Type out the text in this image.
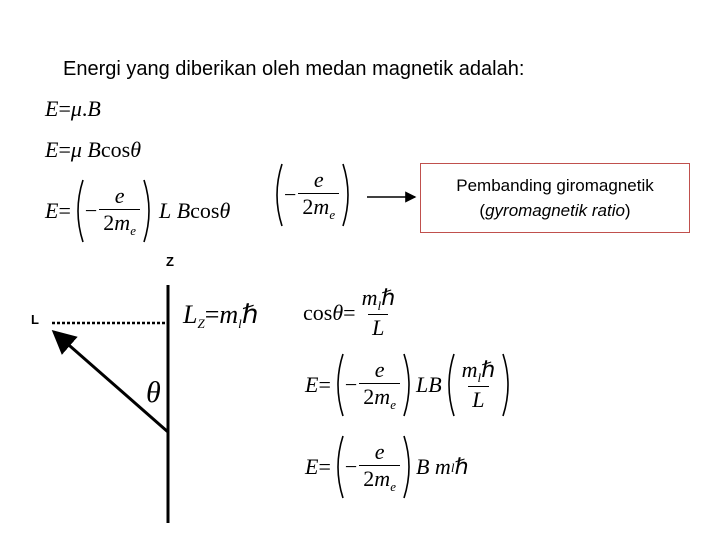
Energi yang diberikan oleh medan magnetik adalah:
E=μ.B
E=μ Bcosθ
E = − $\frac{e}{2m_e}$ L
B cos θ
− $\frac{e}{2m_e}$	Pembanding giromagnetik
(gyromagnetik ratio)
Z
L	$L_Z=m_l\hbar$
θ
$\cos \theta = \frac{m_l\hbar}{L}$
E = − $\frac{e}{2m_e}$ LB $\frac{m_l\hbar}{L}$
E = − $\frac{e}{2m_e}$ B
m l ℏ
